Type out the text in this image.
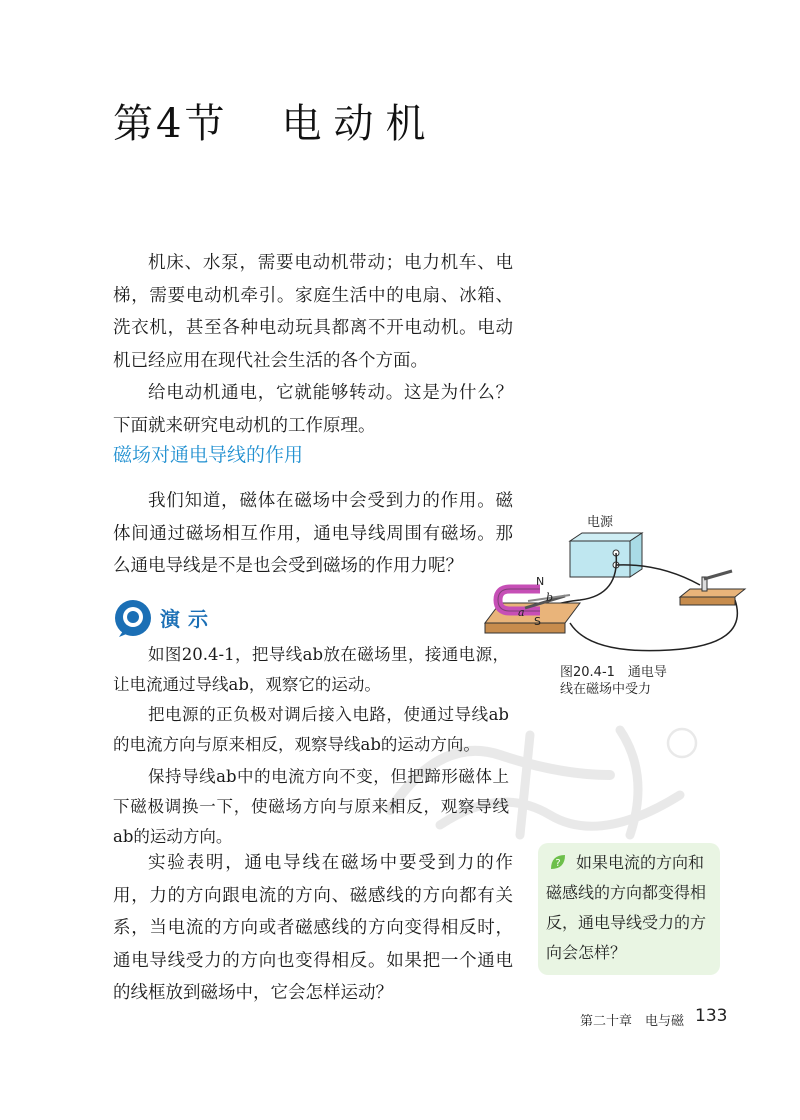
第4节 电动机

机床、水泵，需要电动机带动；电力机车、电梯，需要电动机牵引。家庭生活中的电扇、冰箱、洗衣机，甚至各种电动玩具都离不开电动机。电动机已经应用在现代社会生活的各个方面。

给电动机通电，它就能够转动。这是为什么？下面就来研究电动机的工作原理。

磁场对通电导线的作用

我们知道，磁体在磁场中会受到力的作用。磁体间通过磁场相互作用，通电导线周围有磁场。那么通电导线是不是也会受到磁场的作用力呢？

演示

如图20.4-1，把导线ab放在磁场里，接通电源，让电流通过导线ab，观察它的运动。

把电源的正负极对调后接入电路，使通过导线ab的电流方向与原来相反，观察导线ab的运动方向。

保持导线ab中的电流方向不变，但把蹄形磁体上下磁极调换一下，使磁场方向与原来相反，观察导线ab的运动方向。

实验表明，通电导线在磁场中要受到力的作用，力的方向跟电流的方向、磁感线的方向都有关系，当电流的方向或者磁感线的方向变得相反时，通电导线受力的方向也变得相反。如果把一个通电的线框放到磁场中，它会怎样运动？

电源
N
S
a
b
图20.4-1　通电导
线在磁场中受力
? 如果电流的方向和磁感线的方向都变得相反，通电导线受力的方向会怎样？

第二十章　电与磁 133
